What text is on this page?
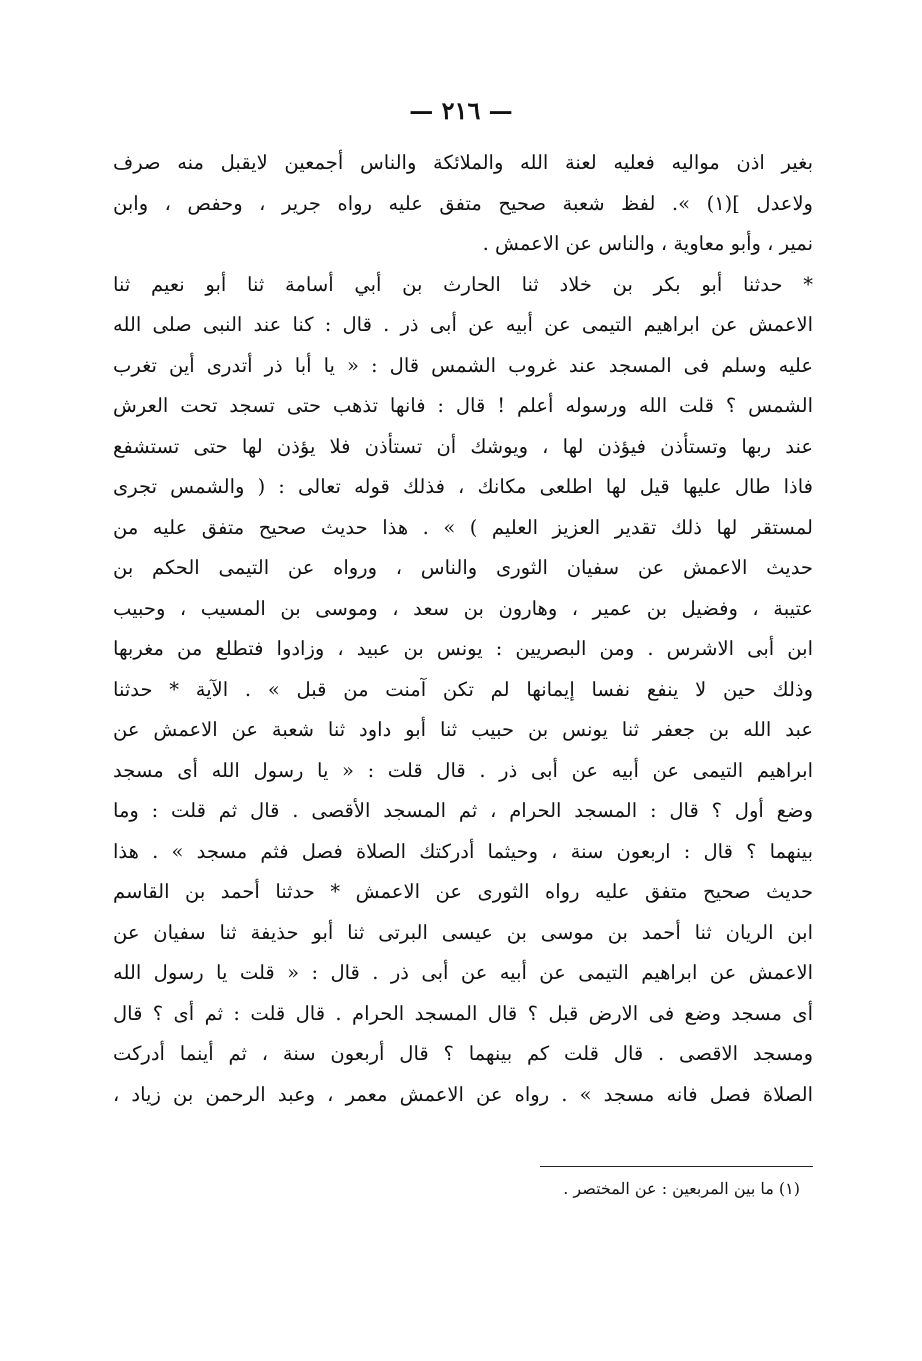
— ٢١٦ —
بغير اذن مواليه فعليه لعنة الله والملائكة والناس أجمعين لايقبل منه صرف
ولاعدل ](١) ». لفظ شعبة صحيح متفق عليه رواه جرير ، وحفص ، وابن
نمير ، وأبو معاوية ، والناس عن الاعمش .
* حدثنا أبو بكر بن خلاد ثنا الحارث بن أبي أسامة ثنا أبو نعيم ثنا
الاعمش عن ابراهيم التيمى عن أبيه عن أبى ذر . قال : كنا عند النبى صلى الله
عليه وسلم فى المسجد عند غروب الشمس قال : « يا أبا ذر أتدرى أين تغرب
الشمس ؟ قلت الله ورسوله أعلم ! قال : فانها تذهب حتى تسجد تحت العرش
عند ربها وتستأذن فيؤذن لها ، ويوشك أن تستأذن فلا يؤذن لها حتى تستشفع
فاذا طال عليها قيل لها اطلعى مكانك ، فذلك قوله تعالى : ( والشمس تجرى
لمستقر لها ذلك تقدير العزيز العليم ) » . هذا حديث صحيح متفق عليه من
حديث الاعمش عن سفيان الثورى والناس ، ورواه عن التيمى الحكم بن
عتيبة ، وفضيل بن عمير ، وهارون بن سعد ، وموسى بن المسيب ، وحبيب
ابن أبى الاشرس . ومن البصريين : يونس بن عبيد ، وزادوا فتطلع من مغربها
وذلك حين لا ينفع نفسا إيمانها لم تكن آمنت من قبل » . الآية * حدثنا
عبد الله بن جعفر ثنا يونس بن حبيب ثنا أبو داود ثنا شعبة عن الاعمش عن
ابراهيم التيمى عن أبيه عن أبى ذر . قال قلت : « يا رسول الله أى مسجد
وضع أول ؟ قال : المسجد الحرام ، ثم المسجد الأقصى . قال ثم قلت : وما
بينهما ؟ قال : اربعون سنة ، وحيثما أدركتك الصلاة فصل فثم مسجد » . هذا
حديث صحيح متفق عليه رواه الثورى عن الاعمش * حدثنا أحمد بن القاسم
ابن الريان ثنا أحمد بن موسى بن عيسى البرتى ثنا أبو حذيفة ثنا سفيان عن
الاعمش عن ابراهيم التيمى عن أبيه عن أبى ذر . قال : « قلت يا رسول الله
أى مسجد وضع فى الارض قبل ؟ قال المسجد الحرام . قال قلت : ثم أى ؟ قال
ومسجد الاقصى . قال قلت كم بينهما ؟ قال أربعون سنة ، ثم أينما أدركت
الصلاة فصل فانه مسجد » . رواه عن الاعمش معمر ، وعبد الرحمن بن زياد ،
(١) ما بين المربعين : عن المختصر .
